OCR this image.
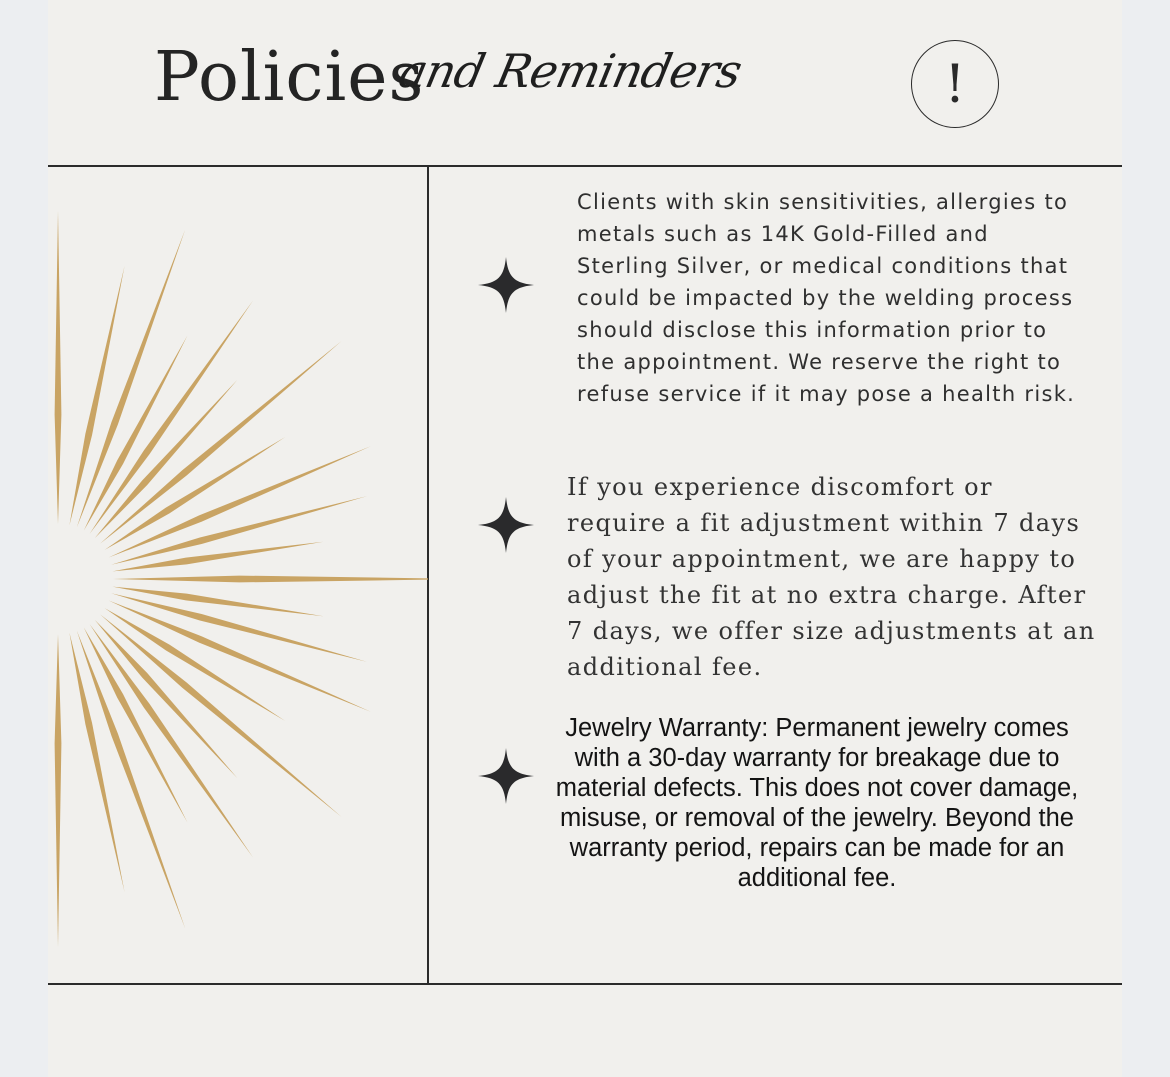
Policies
and Reminders	!

Clients with skin sensitivities, allergies to metals such as 14K Gold-Filled and Sterling Silver, or medical conditions that could be impacted by the welding process should disclose this information prior to the appointment. We reserve the right to refuse service if it may pose a health risk.

If you experience discomfort or require a fit adjustment within 7 days of your appointment, we are happy to adjust the fit at no extra charge. After 7 days, we offer size adjustments at an additional fee.

Jewelry Warranty: Permanent jewelry comes with a 30-day warranty for breakage due to material defects. This does not cover damage, misuse, or removal of the jewelry. Beyond the warranty period, repairs can be made for an additional fee.
